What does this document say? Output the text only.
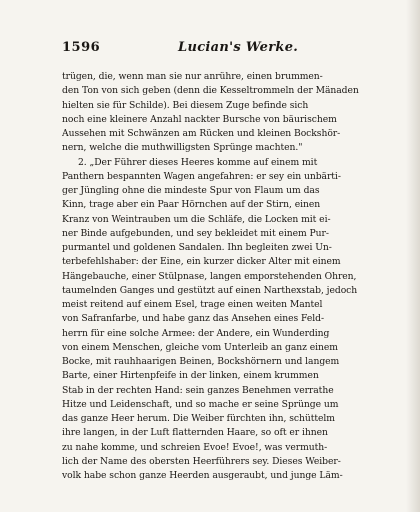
1596	Lucian's Werke.
trügen, die, wenn man sie nur anrühre, einen brummen-
den Ton von sich geben (denn die Kesseltrommeln der Mänaden
hielten sie für Schilde). Bei diesem Zuge befinde sich
noch eine kleinere Anzahl nackter Bursche von bäurischem
Aussehen mit Schwänzen am Rücken und kleinen Bockshör-
nern, welche die muthwilligsten Sprünge machten."
2. „Der Führer dieses Heeres komme auf einem mit
Panthern bespannten Wagen angefahren: er sey ein unbärti-
ger Jüngling ohne die mindeste Spur von Flaum um das
Kinn, trage aber ein Paar Hörnchen auf der Stirn, einen
Kranz von Weintrauben um die Schläfe, die Locken mit ei-
ner Binde aufgebunden, und sey bekleidet mit einem Pur-
purmantel und goldenen Sandalen. Ihn begleiten zwei Un-
terbefehlshaber: der Eine, ein kurzer dicker Alter mit einem
Hängebauche, einer Stülpnase, langen emporstehenden Ohren,
taumelnden Ganges und gestützt auf einen Narthexstab, jedoch
meist reitend auf einem Esel, trage einen weiten Mantel
von Safranfarbe, und habe ganz das Ansehen eines Feld-
herrn für eine solche Armee: der Andere, ein Wunderding
von einem Menschen, gleiche vom Unterleib an ganz einem
Bocke, mit rauhhaarigen Beinen, Bockshörnern und langem
Barte, einer Hirtenpfeife in der linken, einem krummen
Stab in der rechten Hand: sein ganzes Benehmen verrathe
Hitze und Leidenschaft, und so mache er seine Sprünge um
das ganze Heer herum. Die Weiber fürchten ihn, schüttelm
ihre langen, in der Luft flatternden Haare, so oft er ihnen
zu nahe komme, und schreien Evoe! Evoe!, was vermuth-
lich der Name des obersten Heerführers sey. Dieses Weiber-
volk habe schon ganze Heerden ausgeraubt, und junge Läm-
